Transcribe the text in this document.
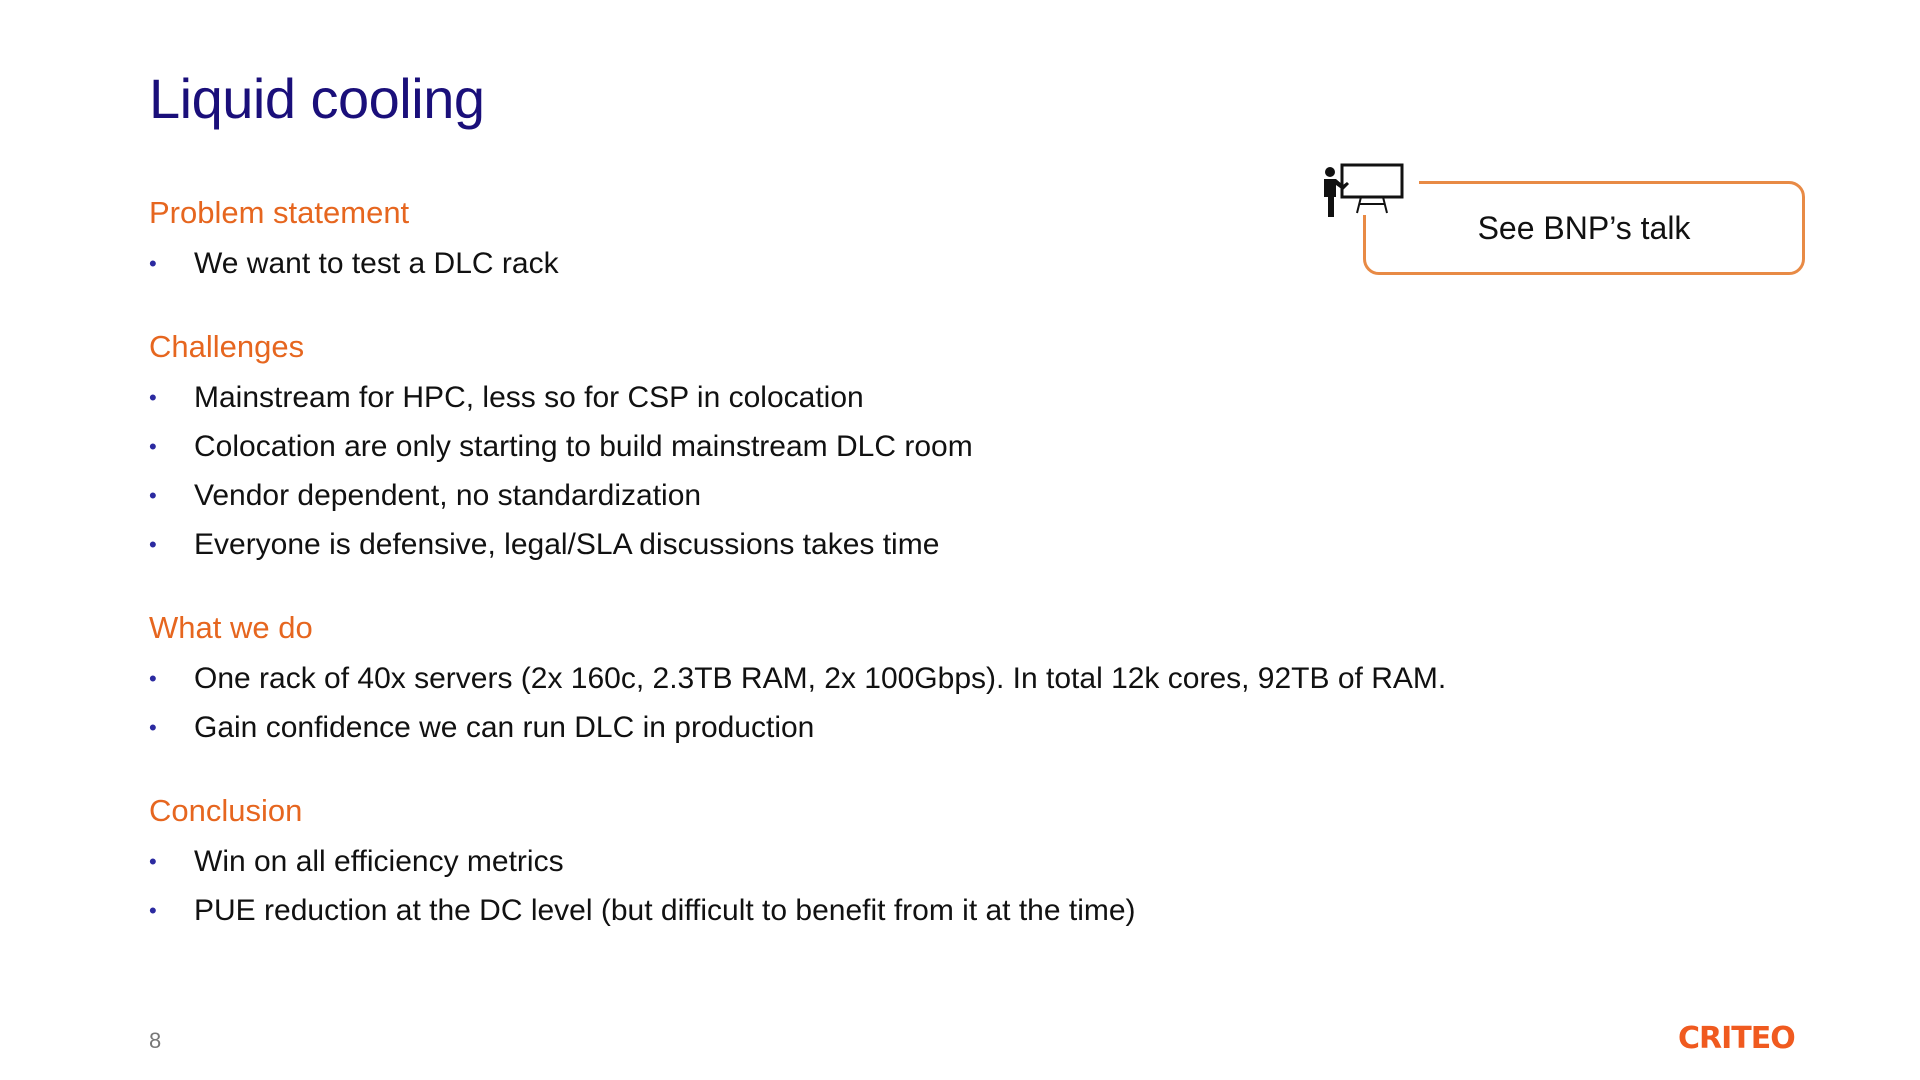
Liquid cooling
See BNP’s talk
Problem statement
• We want to test a DLC rack
Challenges
• Mainstream for HPC, less so for CSP in colocation
• Colocation are only starting to build mainstream DLC room
• Vendor dependent, no standardization
• Everyone is defensive, legal/SLA discussions takes time
What we do
• One rack of 40x servers (2x 160c, 2.3TB RAM, 2x 100Gbps). In total 12k cores, 92TB of RAM.
• Gain confidence we can run DLC in production
Conclusion
• Win on all efficiency metrics
• PUE reduction at the DC level (but difficult to benefit from it at the time)
8	CRITEO
